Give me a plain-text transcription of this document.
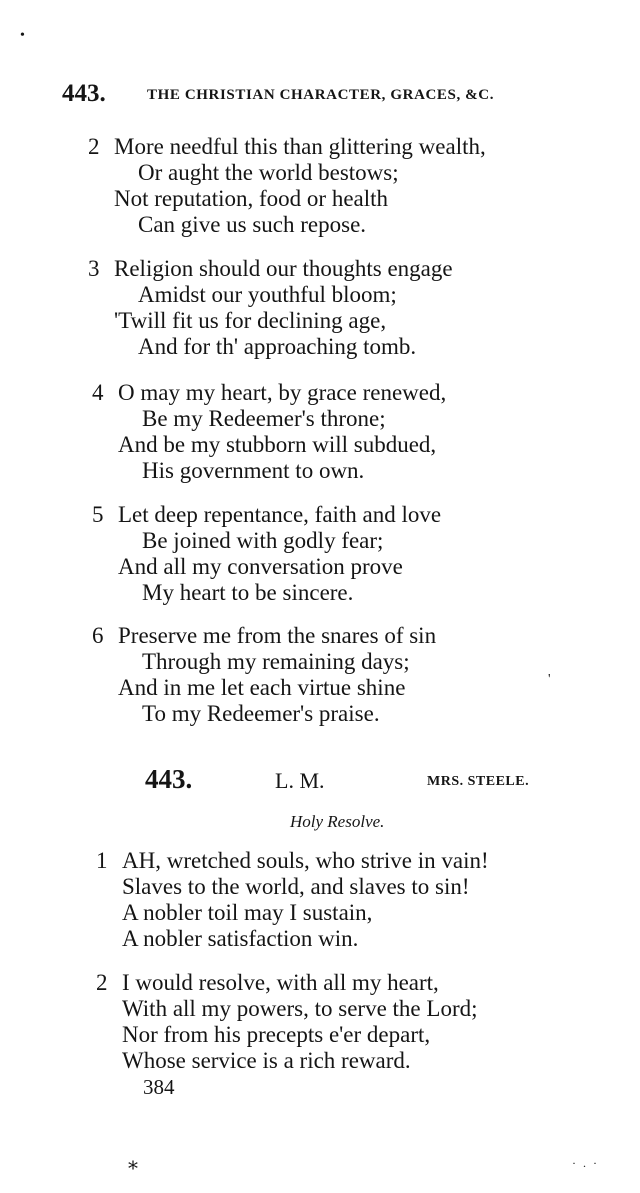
•
443.	THE CHRISTIAN CHARACTER, GRACES, &C.
2 More needful this than glittering wealth,
Or aught the world bestows;
Not reputation, food or health
Can give us such repose.
3 Religion should our thoughts engage
Amidst our youthful bloom;
'Twill fit us for declining age,
And for th' approaching tomb.
4 O may my heart, by grace renewed,
Be my Redeemer's throne;
And be my stubborn will subdued,
His government to own.
5 Let deep repentance, faith and love
Be joined with godly fear;
And all my conversation prove
My heart to be sincere.
6 Preserve me from the snares of sin
Through my remaining days;
And in me let each virtue shine
To my Redeemer's praise.
'
443.	L. M.	MRS. STEELE.
Holy Resolve.
1 AH, wretched souls, who strive in vain!
Slaves to the world, and slaves to sin!
A nobler toil may I sustain,
A nobler satisfaction win.
2 I would resolve, with all my heart,
With all my powers, to serve the Lord;
Nor from his precepts e'er depart,
Whose service is a rich reward.
384
⁎	· . ·
